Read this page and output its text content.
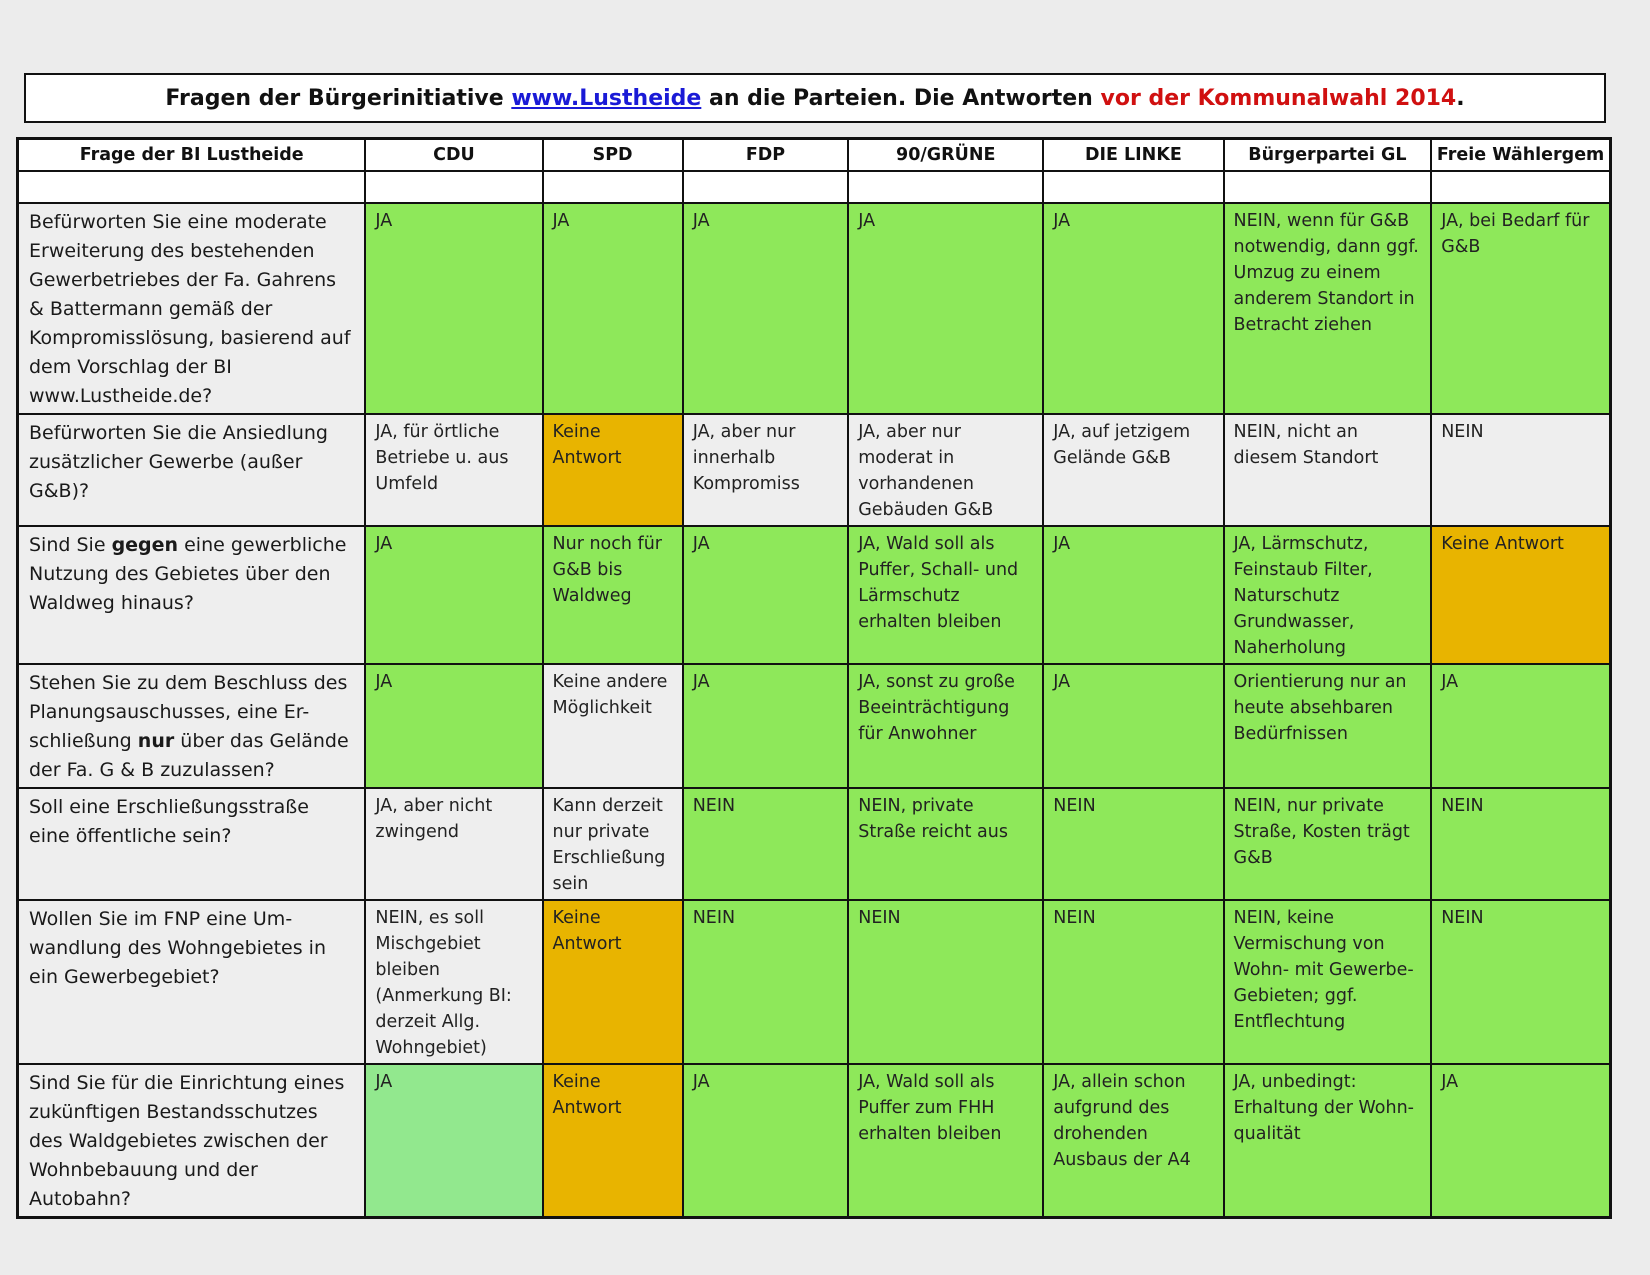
Fragen der Bürgerinitiative
www.Lustheide
an die Parteien. Die Antworten
vor der Kommunalwahl 2014 .
Frage der BI Lustheide	CDU	SPD	FDP	90/GRÜNE	DIE LINKE	Bürgerpartei GL	Freie Wählergem

Befürworten Sie eine moderate Erweiterung des bestehenden Gewerbetriebes der Fa. Gahrens & Battermann gemäß der Kompromisslösung, basierend auf dem Vorschlag der BI www.Lustheide.de?	JA	JA	JA	JA	JA	NEIN, wenn für G&B notwendig, dann ggf. Umzug zu einem anderem Standort in Betracht ziehen	JA, bei Bedarf für G&B

Befürworten Sie die Ansiedlung zusätzlicher Gewerbe (außer G&B)?	JA, für örtliche Betriebe u. aus Umfeld	Keine Antwort	JA, aber nur innerhalb Kompromiss	JA, aber nur moderat in vorhandenen Gebäuden G&B	JA, auf jetzigem Gelände G&B	NEIN, nicht an diesem Standort	NEIN

Sind Sie gegen eine gewerbliche Nutzung des Gebietes über den Waldweg hinaus?	JA	Nur noch für G&B bis Waldweg	JA	JA, Wald soll als Puffer, Schall- und Lärmschutz erhalten bleiben	JA	JA, Lärmschutz, Feinstaub Filter, Naturschutz Grundwasser, Naherholung	Keine Antwort

Stehen Sie zu dem Beschluss des Planungsauschusses, eine Er-schließung nur über das Gelände der Fa. G & B zuzulassen?	JA	Keine andere Möglichkeit	JA	JA, sonst zu große Beeinträchtigung für Anwohner	JA	Orientierung nur an heute absehbaren Bedürfnissen	JA

Soll eine Erschließungsstraße eine öffentliche sein?	JA, aber nicht zwingend	Kann derzeit nur private Erschließung sein	NEIN	NEIN, private Straße reicht aus	NEIN	NEIN, nur private Straße, Kosten trägt G&B	NEIN

Wollen Sie im FNP eine Um-wandlung des Wohngebietes in ein Gewerbegebiet?	NEIN, es soll Mischgebiet bleiben (Anmerkung BI: derzeit Allg. Wohngebiet)	Keine Antwort	NEIN	NEIN	NEIN	NEIN, keine Vermischung von Wohn- mit Gewerbe-Gebieten; ggf. Entflechtung	NEIN

Sind Sie für die Einrichtung eines zukünftigen Bestandsschutzes des Waldgebietes zwischen der Wohnbebauung und der Autobahn?	JA	Keine Antwort	JA	JA, Wald soll als Puffer zum FHH erhalten bleiben	JA, allein schon aufgrund des drohenden Ausbaus der A4	JA, unbedingt: Erhaltung der Wohn-qualität	JA
